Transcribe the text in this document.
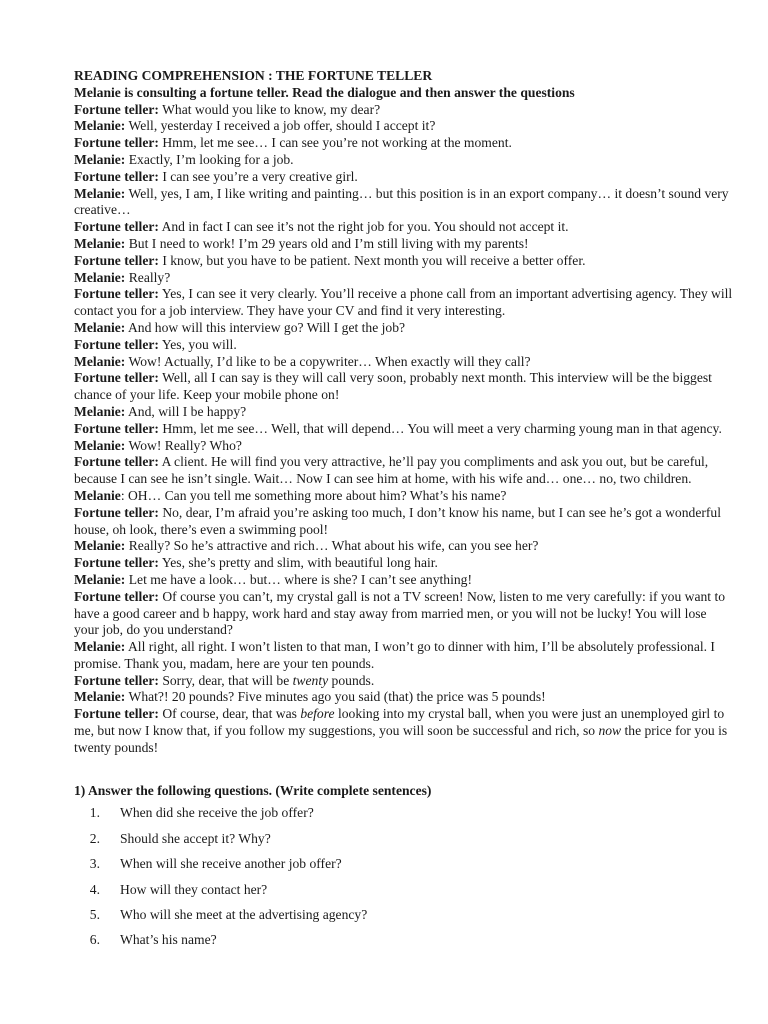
READING COMPREHENSION : THE FORTUNE TELLER
Melanie is consulting a fortune teller. Read the dialogue and then answer the questions
Fortune teller: What would you like to know, my dear?
Melanie: Well, yesterday I received a job offer, should I accept it?
Fortune teller: Hmm, let me see… I can see you’re not working at the moment.
Melanie: Exactly, I’m looking for a job.
Fortune teller: I can see you’re a very creative girl.
Melanie: Well, yes, I am, I like writing and painting… but this position is in an export company… it doesn’t sound very creative…
Fortune teller: And in fact I can see it’s not the right job for you. You should not accept it.
Melanie: But I need to work! I’m 29 years old and I’m still living with my parents!
Fortune teller: I know, but you have to be patient. Next month you will receive a better offer.
Melanie: Really?
Fortune teller: Yes, I can see it very clearly. You’ll receive a phone call from an important advertising agency. They will contact you for a job interview. They have your CV and find it very interesting.
Melanie: And how will this interview go? Will I get the job?
Fortune teller: Yes, you will.
Melanie: Wow! Actually, I’d like to be a copywriter… When exactly will they call?
Fortune teller: Well, all I can say is they will call very soon, probably next month. This interview will be the biggest chance of your life. Keep your mobile phone on!
Melanie: And, will I be happy?
Fortune teller: Hmm, let me see… Well, that will depend… You will meet a very charming young man in that agency.
Melanie: Wow! Really? Who?
Fortune teller: A client. He will find you very attractive, he’ll pay you compliments and ask you out, but be careful, because I can see he isn’t single. Wait… Now I can see him at home, with his wife and… one… no, two children.
Melanie: OH… Can you tell me something more about him? What’s his name?
Fortune teller: No, dear, I’m afraid you’re asking too much, I don’t know his name, but I can see he’s got a wonderful house, oh look, there’s even a swimming pool!
Melanie: Really? So he’s attractive and rich… What about his wife, can you see her?
Fortune teller: Yes, she’s pretty and slim, with beautiful long hair.
Melanie: Let me have a look… but… where is she? I can’t see anything!
Fortune teller: Of course you can’t, my crystal gall is not a TV screen! Now, listen to me very carefully: if you want to have a good career and b happy, work hard and stay away from married men, or you will not be lucky! You will lose your job, do you understand?
Melanie: All right, all right. I won’t listen to that man, I won’t go to dinner with him, I’ll be absolutely professional. I promise. Thank you, madam, here are your ten pounds.
Fortune teller: Sorry, dear, that will be twenty pounds.
Melanie: What?! 20 pounds? Five minutes ago you said (that) the price was 5 pounds!
Fortune teller: Of course, dear, that was before looking into my crystal ball, when you were just an unemployed girl to me, but now I know that, if you follow my suggestions, you will soon be successful and rich, so now the price for you is twenty pounds!
1) Answer the following questions. (Write complete sentences)
1. When did she receive the job offer?
2. Should she accept it? Why?
3. When will she receive another job offer?
4. How will they contact her?
5. Who will she meet at the advertising agency?
6. What’s his name?
